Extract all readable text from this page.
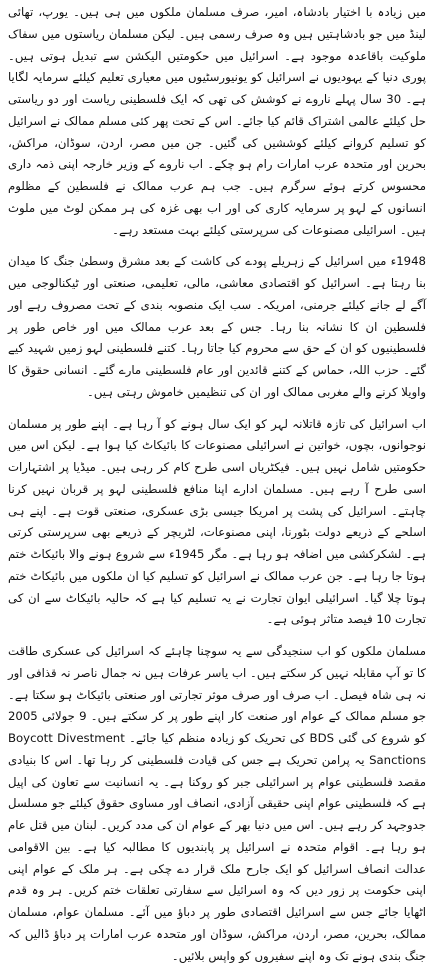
میں زیادہ با اختیار بادشاہ، امیر، صرف مسلمان ملکوں میں ہی ہیں۔ یورپ، تھائی لینڈ میں جو بادشاہتیں ہیں وہ صرف رسمی ہیں۔ لیکن مسلمان ریاستوں میں سفاک ملوکیت باقاعدہ موجود ہے۔ اسرائیل میں حکومتیں الیکشن سے تبدیل ہوتی ہیں۔ پوری دنیا کے یہودیوں نے اسرائیل کو یونیورسٹیوں میں معیاری تعلیم کیلئے سرمایہ لگایا ہے۔ 30 سال پہلے ناروے نے کوشش کی تھی کہ ایک فلسطینی ریاست اور دو ریاستی حل کیلئے عالمی اشتراک قائم کیا جائے۔ اس کے تحت پھر کئی مسلم ممالک نے اسرائیل کو تسلیم کروانے کیلئے کوششیں کی گئیں۔ جن میں مصر، اردن، سوڈان، مراکش، بحرین اور متحدہ عرب امارات رام ہو چکے۔ اب ناروے کے وزیر خارجہ اپنی ذمہ داری محسوس کرتے ہوئے سرگرم ہیں۔ جب ہم عرب ممالک نے فلسطین کے مظلوم انسانوں کے لہو پر سرمایہ کاری کی اور اب بھی غزہ کی ہر ممکن لوٹ میں ملوث ہیں۔ اسرائیلی مصنوعات کی سرپرستی کیلئے بہت مستعد رہے۔

1948ء میں اسرائیل کے زہریلے پودے کی کاشت کے بعد مشرق وسطیٰ جنگ کا میدان بنا رہتا ہے۔ اسرائیل کو اقتصادی معاشی، مالی، تعلیمی، صنعتی اور ٹیکنالوجی میں آگے لے جانے کیلئے جرمنی، امریکہ۔ سب ایک منصوبہ بندی کے تحت مصروف رہے اور فلسطین ان کا نشانہ بنا رہا۔ جس کے بعد عرب ممالک میں اور خاص طور پر فلسطینیوں کو ان کے حق سے محروم کیا جاتا رہا۔ کتنے فلسطینی لہو زمیں شہید کیے گئے۔ حزب اللہ، حماس کے کتنے قائدین اور عام فلسطینی مارے گئے۔ انسانی حقوق کا واویلا کرنے والے مغربی ممالک اور ان کی تنظیمیں خاموش رہتی ہیں۔

اب اسرائیل کی تازہ قاتلانہ لہر کو ایک سال ہونے کو آ رہا ہے۔ اپنے طور پر مسلمان نوجوانوں، بچوں، خواتین نے اسرائیلی مصنوعات کا بائیکاٹ کیا ہوا ہے۔ لیکن اس میں حکومتیں شامل نہیں ہیں۔ فیکٹریاں اسی طرح کام کر رہی ہیں۔ میڈیا پر اشتہارات اسی طرح آ رہے ہیں۔ مسلمان ادارے اپنا منافع فلسطینی لہو پر قربان نہیں کرنا چاہتے۔ اسرائیل کی پشت پر امریکا جیسی بڑی عسکری، صنعتی قوت ہے۔ اپنے ہی اسلحے کے ذریعے دولت بٹورنا، اپنی مصنوعات، لٹریچر کے ذریعے بھی سرپرستی کرتی ہے۔ لشکرکشی میں اضافہ ہو رہا ہے۔ مگر 1945ء سے شروع ہونے والا بائیکاٹ ختم ہوتا جا رہا ہے۔ جن عرب ممالک نے اسرائیل کو تسلیم کیا ان ملکوں میں بائیکاٹ ختم ہوتا چلا گیا۔ اسرائیلی ایوان تجارت نے یہ تسلیم کیا ہے کہ حالیہ بائیکاٹ سے ان کی تجارت 10 فیصد متاثر ہوئی ہے۔

مسلمان ملکوں کو اب سنجیدگی سے یہ سوچنا چاہئے کہ اسرائیل کی عسکری طاقت کا تو آپ مقابلہ نہیں کر سکتے ہیں۔ اب یاسر عرفات ہیں نہ جمال ناصر نہ قذافی اور نہ ہی شاہ فیصل۔ اب صرف اور صرف موثر تجارتی اور صنعتی بائیکاٹ ہو سکتا ہے۔ جو مسلم ممالک کے عوام اور صنعت کار اپنے طور پر کر سکتے ہیں۔ 9 جولائی 2005 کو شروع کی گئی BDS کی تحریک کو زیادہ منظم کیا جائے۔ Boycott Divestment Sanctions یہ پرامن تحریک ہے جس کی قیادت فلسطینی کر رہا تھا۔ اس کا بنیادی مقصد فلسطینی عوام پر اسرائیلی جبر کو روکنا ہے۔ یہ انسانیت سے تعاون کی اپیل ہے کہ فلسطینی عوام اپنی حقیقی آزادی، انصاف اور مساوی حقوق کیلئے جو مسلسل جدوجہد کر رہے ہیں۔ اس میں دنیا بھر کے عوام ان کی مدد کریں۔ لبنان میں قتل عام ہو رہا ہے۔ اقوام متحدہ نے اسرائیل پر پابندیوں کا مطالبہ کیا ہے۔ بین الاقوامی عدالت انصاف اسرائیل کو ایک جارح ملک قرار دے چکی ہے۔ ہر ملک کے عوام اپنی اپنی حکومت پر زور دیں کہ وہ اسرائیل سے سفارتی تعلقات ختم کریں۔ ہر وہ قدم اٹھایا جائے جس سے اسرائیل اقتصادی طور پر دباؤ میں آئے۔ مسلمان عوام، مسلمان ممالک، بحرین، مصر، اردن، مراکش، سوڈان اور متحدہ عرب امارات پر دباؤ ڈالیں کہ جنگ بندی ہونے تک وہ اپنے سفیروں کو واپس بلائیں۔
